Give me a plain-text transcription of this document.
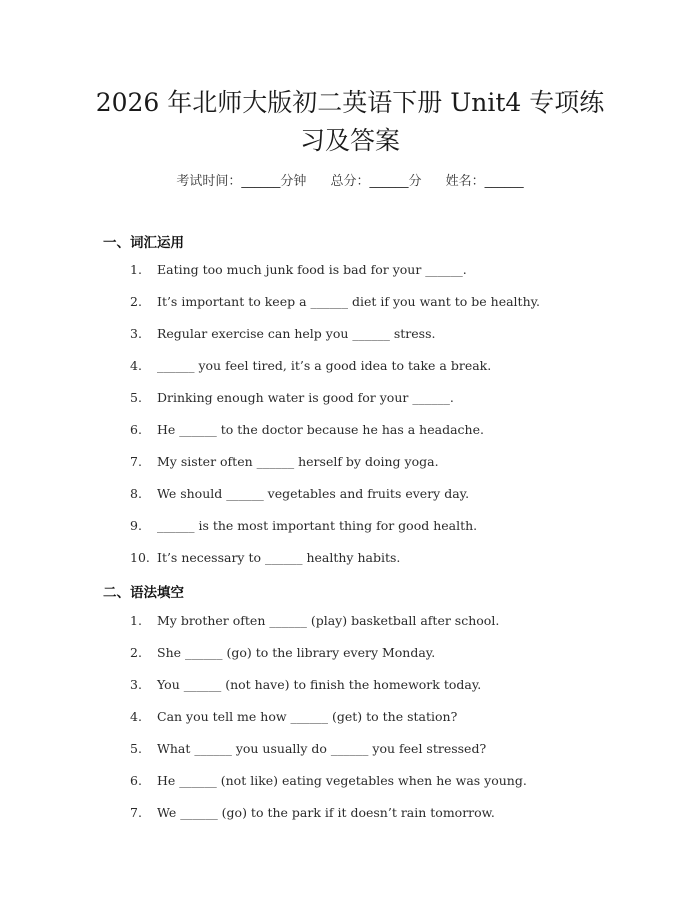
2026 年北师大版初二英语下册 Unit4 专项练
习及答案
考试时间：______分钟 总分：______分 姓名：______
一、词汇运用
1. Eating too much junk food is bad for your ______.
2. It’s important to keep a ______ diet if you want to be healthy.
3. Regular exercise can help you ______ stress.
4. ______ you feel tired, it’s a good idea to take a break.
5. Drinking enough water is good for your ______.
6. He ______ to the doctor because he has a headache.
7. My sister often ______ herself by doing yoga.
8. We should ______ vegetables and fruits every day.
9. ______ is the most important thing for good health.
10. It’s necessary to ______ healthy habits.
二、语法填空
1. My brother often ______ (play) basketball after school.
2. She ______ (go) to the library every Monday.
3. You ______ (not have) to finish the homework today.
4. Can you tell me how ______ (get) to the station?
5. What ______ you usually do ______ you feel stressed?
6. He ______ (not like) eating vegetables when he was young.
7. We ______ (go) to the park if it doesn’t rain tomorrow.
